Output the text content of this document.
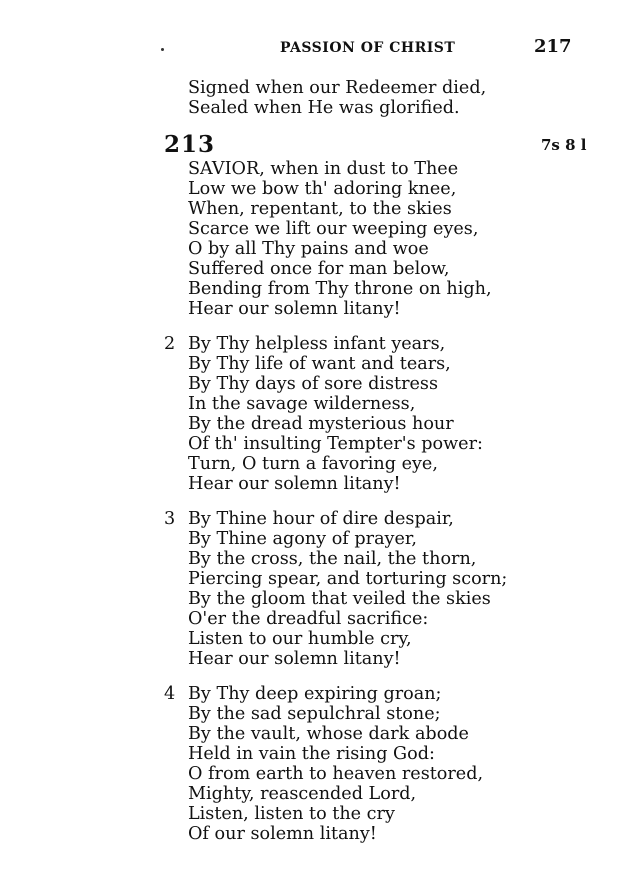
PASSION OF CHRIST	217
Signed when our Redeemer died,
Sealed when He was glorified.
213	7s 8 l
SAVIOR, when in dust to Thee
Low we bow th' adoring knee,
When, repentant, to the skies
Scarce we lift our weeping eyes,
O by all Thy pains and woe
Suffered once for man below,
Bending from Thy throne on high,
Hear our solemn litany!
2 By Thy helpless infant years,
By Thy life of want and tears,
By Thy days of sore distress
In the savage wilderness,
By the dread mysterious hour
Of th' insulting Tempter's power:
Turn, O turn a favoring eye,
Hear our solemn litany!
3 By Thine hour of dire despair,
By Thine agony of prayer,
By the cross, the nail, the thorn,
Piercing spear, and torturing scorn;
By the gloom that veiled the skies
O'er the dreadful sacrifice:
Listen to our humble cry,
Hear our solemn litany!
4 By Thy deep expiring groan;
By the sad sepulchral stone;
By the vault, whose dark abode
Held in vain the rising God:
O from earth to heaven restored,
Mighty, reascended Lord,
Listen, listen to the cry
Of our solemn litany!
